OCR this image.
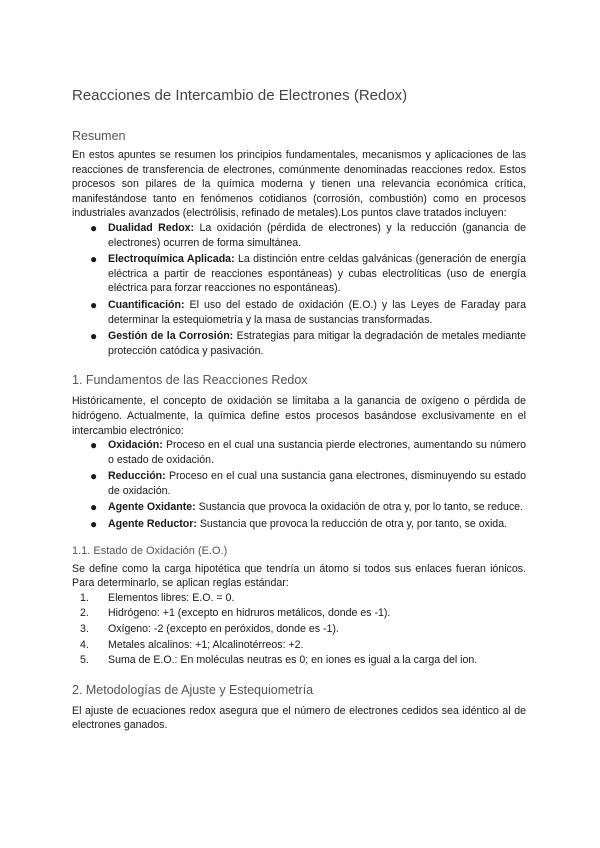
Reacciones de Intercambio de Electrones (Redox)
Resumen

En estos apuntes se resumen los principios fundamentales, mecanismos y aplicaciones de las reacciones de transferencia de electrones, comúnmente denominadas reacciones redox. Estos procesos son pilares de la química moderna y tienen una relevancia económica crítica, manifestándose tanto en fenómenos cotidianos (corrosión, combustión) como en procesos industriales avanzados (electrólisis, refinado de metales).Los puntos clave tratados incluyen:

● Dualidad Redox: La oxidación (pérdida de electrones) y la reducción (ganancia de electrones) ocurren de forma simultánea.
● Electroquímica Aplicada: La distinción entre celdas galvánicas (generación de energía eléctrica a partir de reacciones espontáneas) y cubas electrolíticas (uso de energía eléctrica para forzar reacciones no espontáneas).
● Cuantificación: El uso del estado de oxidación (E.O.) y las Leyes de Faraday para determinar la estequiometría y la masa de sustancias transformadas.
● Gestión de la Corrosión: Estrategias para mitigar la degradación de metales mediante protección catódica y pasivación.
1. Fundamentos de las Reacciones Redox

Históricamente, el concepto de oxidación se limitaba a la ganancia de oxígeno o pérdida de hidrógeno. Actualmente, la química define estos procesos basándose exclusivamente en el intercambio electrónico:

● Oxidación: Proceso en el cual una sustancia pierde electrones, aumentando su número o estado de oxidación.
● Reducción: Proceso en el cual una sustancia gana electrones, disminuyendo su estado de oxidación.
● Agente Oxidante: Sustancia que provoca la oxidación de otra y, por lo tanto, se reduce.
● Agente Reductor: Sustancia que provoca la reducción de otra y, por tanto, se oxida.
1.1. Estado de Oxidación (E.O.)

Se define como la carga hipotética que tendría un átomo si todos sus enlaces fueran iónicos. Para determinarlo, se aplican reglas estándar:

1. Elementos libres: E.O. = 0.
2. Hidrógeno: +1 (excepto en hidruros metálicos, donde es -1).
3. Oxígeno: -2 (excepto en peróxidos, donde es -1).
4. Metales alcalinos: +1; Alcalinotérreos: +2.
5. Suma de E.O.: En moléculas neutras es 0; en iones es igual a la carga del ion.
2. Metodologías de Ajuste y Estequiometría

El ajuste de ecuaciones redox asegura que el número de electrones cedidos sea idéntico al de electrones ganados.
